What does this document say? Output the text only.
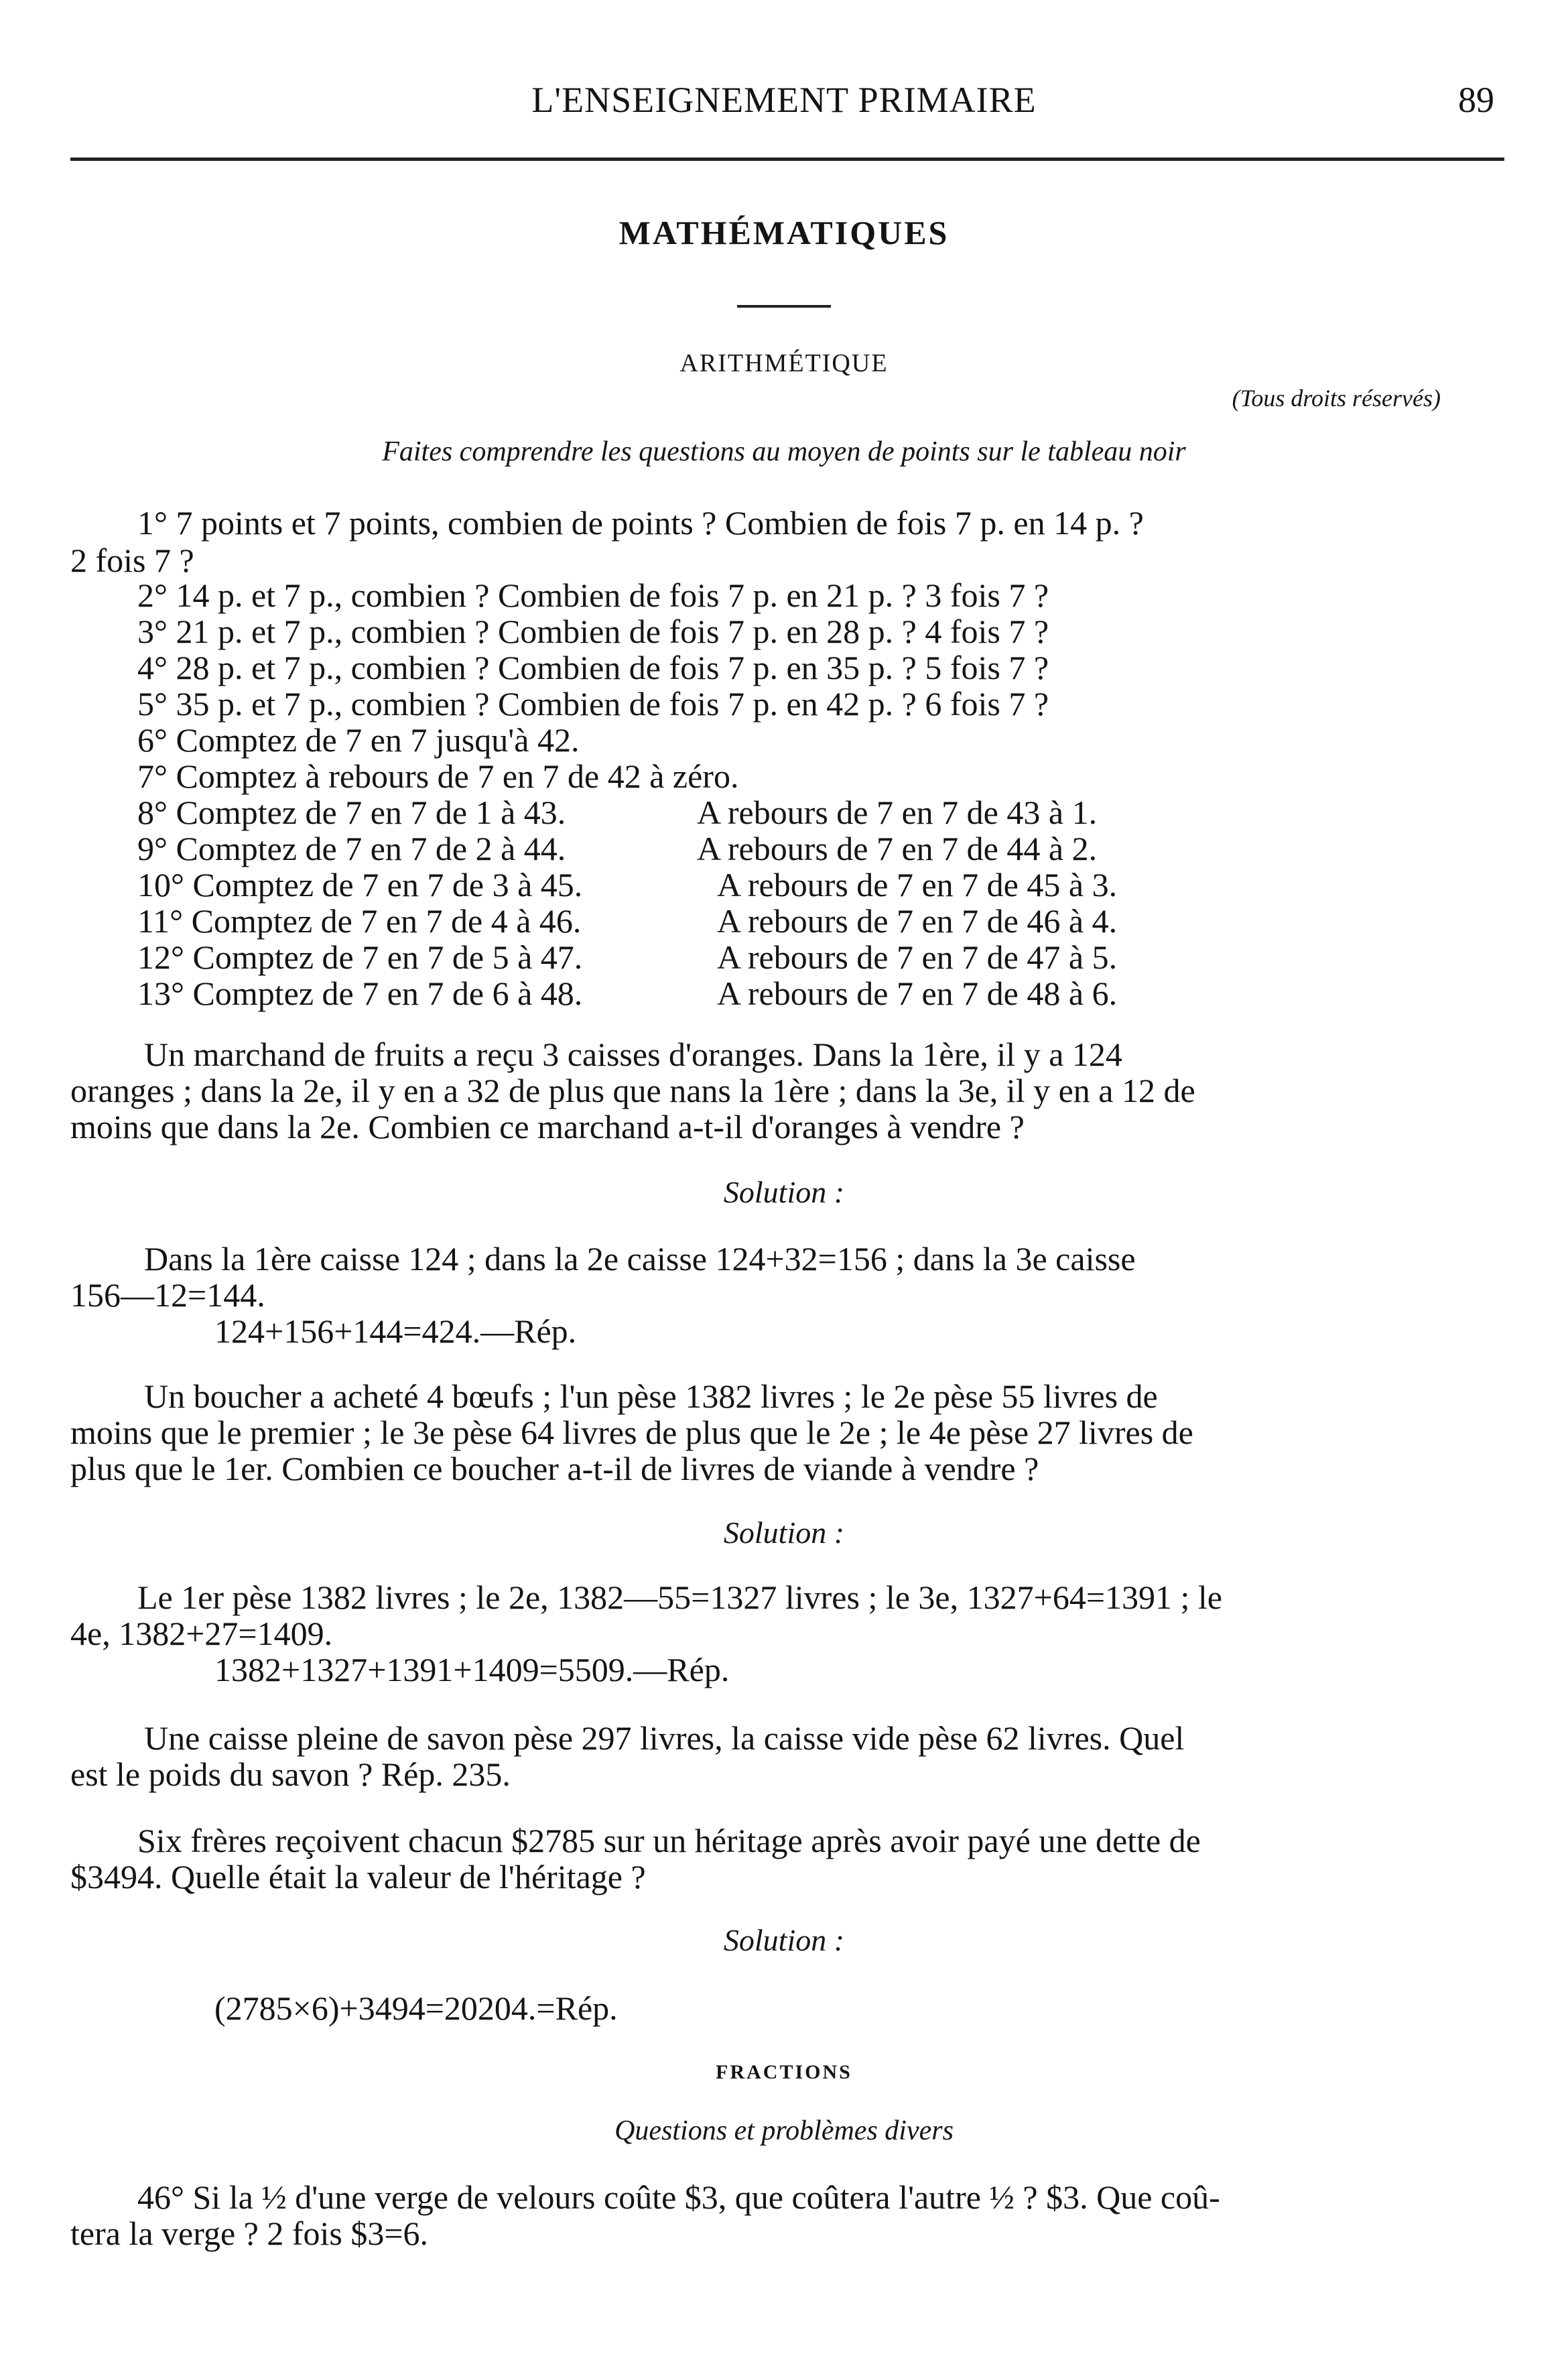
L'ENSEIGNEMENT PRIMAIRE	89
MATHÉMATIQUES
ARITHMÉTIQUE
(Tous droits réservés)
Faites comprendre les questions au moyen de points sur le tableau noir
1° 7 points et 7 points, combien de points ? Combien de fois 7 p. en 14 p. ?
2 fois 7 ?
2° 14 p. et 7 p., combien ? Combien de fois 7 p. en 21 p. ? 3 fois 7 ?
3° 21 p. et 7 p., combien ? Combien de fois 7 p. en 28 p. ? 4 fois 7 ?
4° 28 p. et 7 p., combien ? Combien de fois 7 p. en 35 p. ? 5 fois 7 ?
5° 35 p. et 7 p., combien ? Combien de fois 7 p. en 42 p. ? 6 fois 7 ?
6° Comptez de 7 en 7 jusqu'à 42.
7° Comptez à rebours de 7 en 7 de 42 à zéro.
8° Comptez de 7 en 7 de 1 à 43.	A rebours de 7 en 7 de 43 à 1.
9° Comptez de 7 en 7 de 2 à 44.	A rebours de 7 en 7 de 44 à 2.
10° Comptez de 7 en 7 de 3 à 45.	A rebours de 7 en 7 de 45 à 3.
11° Comptez de 7 en 7 de 4 à 46.	A rebours de 7 en 7 de 46 à 4.
12° Comptez de 7 en 7 de 5 à 47.	A rebours de 7 en 7 de 47 à 5.
13° Comptez de 7 en 7 de 6 à 48.	A rebours de 7 en 7 de 48 à 6.
Un marchand de fruits a reçu 3 caisses d'oranges. Dans la 1ère, il y a 124
oranges ; dans la 2e, il y en a 32 de plus que nans la 1ère ; dans la 3e, il y en a 12 de
moins que dans la 2e. Combien ce marchand a-t-il d'oranges à vendre ?
Solution :
Dans la 1ère caisse 124 ; dans la 2e caisse 124+32=156 ; dans la 3e caisse
156—12=144.
124+156+144=424.—Rép.
Un boucher a acheté 4 bœufs ; l'un pèse 1382 livres ; le 2e pèse 55 livres de
moins que le premier ; le 3e pèse 64 livres de plus que le 2e ; le 4e pèse 27 livres de
plus que le 1er. Combien ce boucher a-t-il de livres de viande à vendre ?
Solution :
Le 1er pèse 1382 livres ; le 2e, 1382—55=1327 livres ; le 3e, 1327+64=1391 ; le
4e, 1382+27=1409.
1382+1327+1391+1409=5509.—Rép.
Une caisse pleine de savon pèse 297 livres, la caisse vide pèse 62 livres. Quel
est le poids du savon ? Rép. 235.
Six frères reçoivent chacun $2785 sur un héritage après avoir payé une dette de
$3494. Quelle était la valeur de l'héritage ?
Solution :
(2785×6)+3494=20204.=Rép.
FRACTIONS
Questions et problèmes divers
46° Si la ½ d'une verge de velours coûte $3, que coûtera l'autre ½ ? $3. Que coû-
tera la verge ? 2 fois $3=6.
